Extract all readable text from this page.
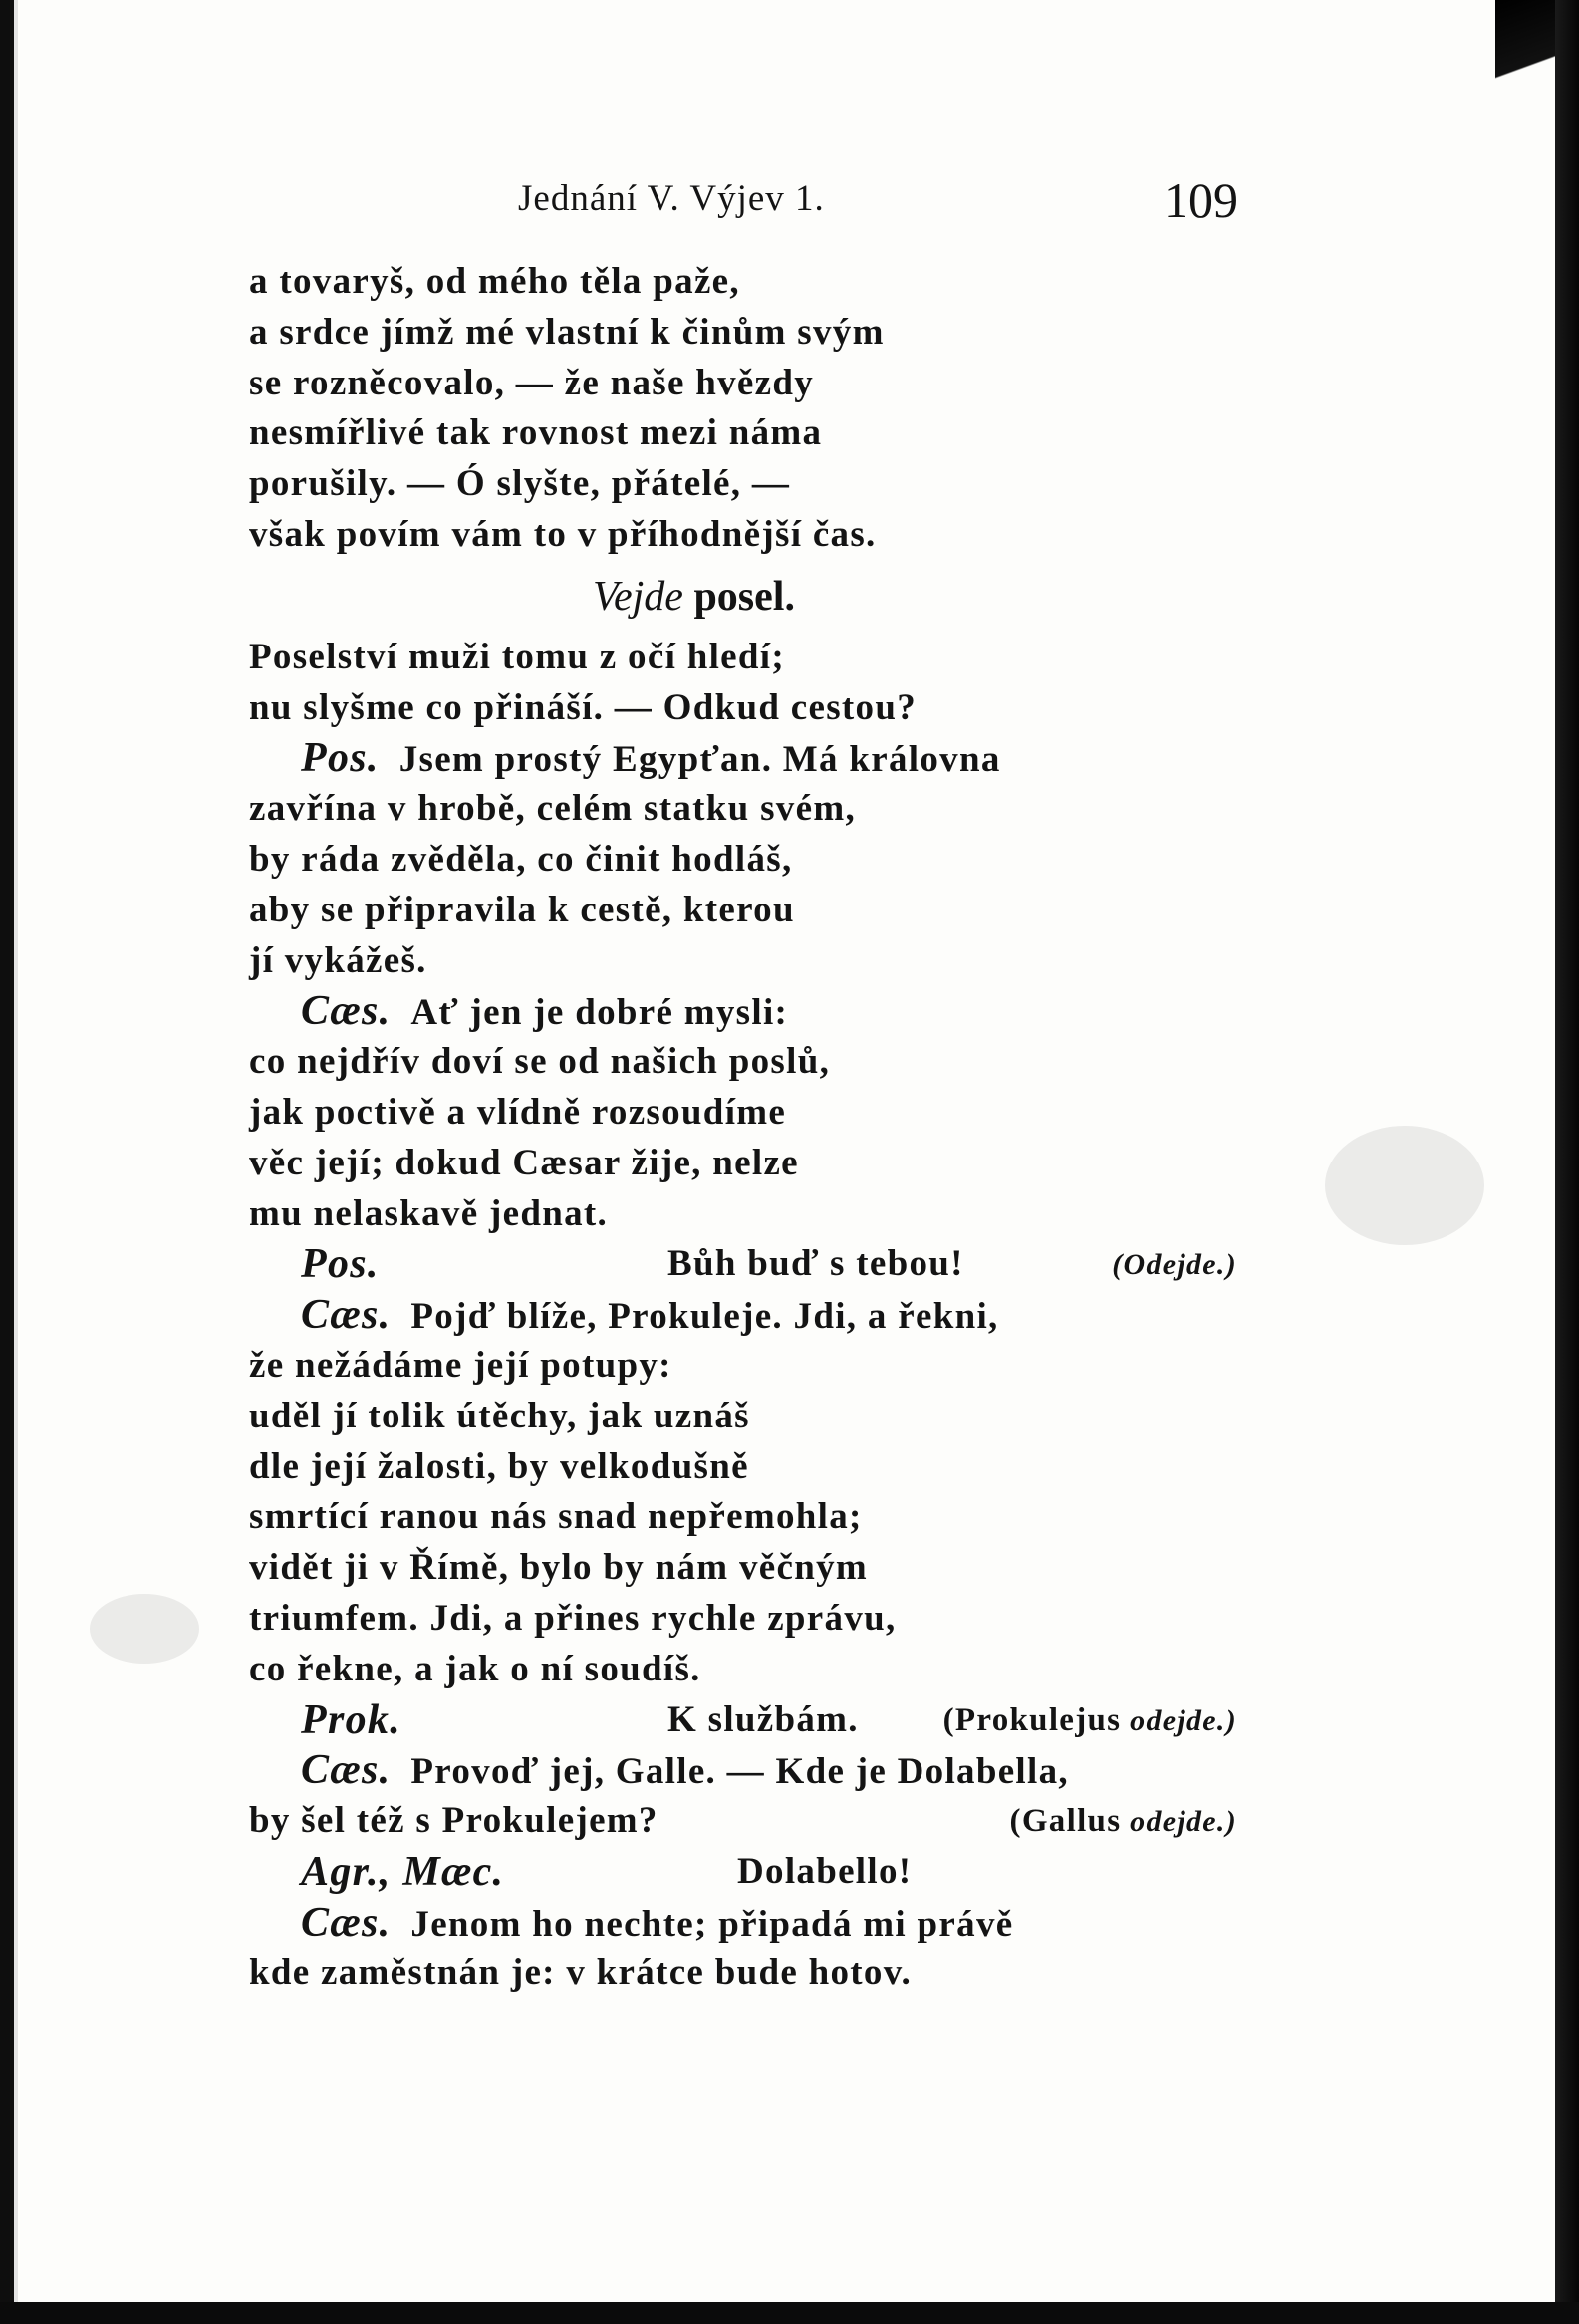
Jednání V. Výjev 1.	109
a tovaryš, od mého těla paže,
a srdce jímž mé vlastní k činům svým
se rozněcovalo, — že naše hvězdy
nesmířlivé tak rovnost mezi náma
porušily. — Ó slyšte, přátelé, —
však povím vám to v příhodnější čas.
Vejde posel.
Poselství muži tomu z očí hledí;
nu slyšme co přináší. — Odkud cestou?
Pos. Jsem prostý Egypťan. Má královna
zavřína v hrobě, celém statku svém,
by ráda zvěděla, co činit hodláš,
aby se připravila k cestě, kterou
jí vykážeš.
Cæs. Ať jen je dobré mysli:
co nejdřív doví se od našich poslů,
jak poctivě a vlídně rozsoudíme
věc její; dokud Cæsar žije, nelze
mu nelaskavě jednat.
Pos.	Bůh buď s tebou!	(Odejde.)
Cæs. Pojď blíže, Prokuleje. Jdi, a řekni,
že nežádáme její potupy:
uděl jí tolik útěchy, jak uznáš
dle její žalosti, by velkodušně
smrtící ranou nás snad nepřemohla;
vidět ji v Římě, bylo by nám věčným
triumfem. Jdi, a přines rychle zprávu,
co řekne, a jak o ní soudíš.
Prok.	K službám.	(Prokulejus odejde.)
Cæs. Provoď jej, Galle. — Kde je Dolabella,
by šel též s Prokulejem?	(Gallus odejde.)
Agr., Mæc.	Dolabello!
Cæs. Jenom ho nechte; připadá mi právě
kde zaměstnán je: v krátce bude hotov.
